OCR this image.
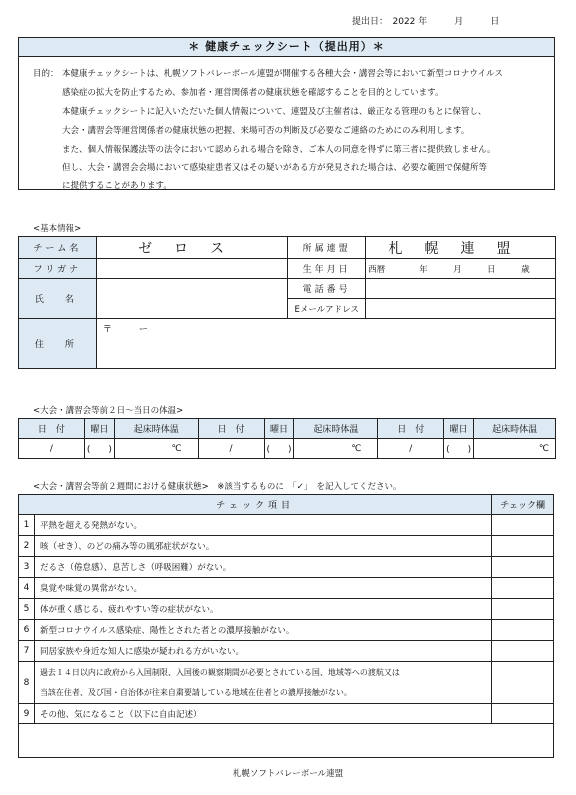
提出日：　2022 年　　　月　　　日
＊ 健康チェックシート（提出用）＊
目的： 本健康チェックシートは、札幌ソフトバレーボール連盟が開催する各種大会・講習会等において新型コロナウイルス
感染症の拡大を防止するため、参加者・運営関係者の健康状態を確認することを目的としています。
本健康チェックシートに記入いただいた個人情報について、連盟及び主催者は、厳正なる管理のもとに保管し、
大会・講習会等運営関係者の健康状態の把握、来場可否の判断及び必要なご連絡のためにのみ利用します。
また、個人情報保護法等の法令において認められる場合を除き、ご本人の同意を得ずに第三者に提供致しません。
但し、大会・講習会会場において感染症患者又はその疑いがある方が発見された場合は、必要な範囲で保健所等
に提供することがあります。
<基本情報>
チーム名	ゼロス	所属連盟	札幌連盟
フリガナ		生年月日	西暦　　　　年　　　月　　　日　　　歳
氏　名		電話番号	
		Eメールアドレス	
住　所	〒　　　ー		
<大会・講習会等前２日～当日の体温>
日　付	曜日	起床時体温	日　付	曜日	起床時体温	日　付	曜日	起床時体温
/	(　　)	℃	/	(　　)	℃	/	(　　)	℃
<大会・講習会等前２週間における健康状態>　※該当するものに　「✓」　を記入してください。
チェック項目		チェック欄
1	平熱を超える発熱がない。	
2	咳（せき）、のどの痛み等の風邪症状がない。	
3	だるさ（倦怠感）、息苦しさ（呼吸困難）がない。	
4	臭覚や味覚の異常がない。	
5	体が重く感じる、疲れやすい等の症状がない。	
6	新型コロナウイルス感染症、陽性とされた者との濃厚接触がない。	
7	同居家族や身近な知人に感染が疑われる方がいない。	
8	過去１４日以内に政府から入国制限、入国後の観察期間が必要とされている国、地域等への渡航又は
当該在住者、及び国・自治体が往来自粛要請している地域在住者との濃厚接触がない。	

9	その他、気になること（以下に自由記述）	

札幌ソフトバレーボール連盟
